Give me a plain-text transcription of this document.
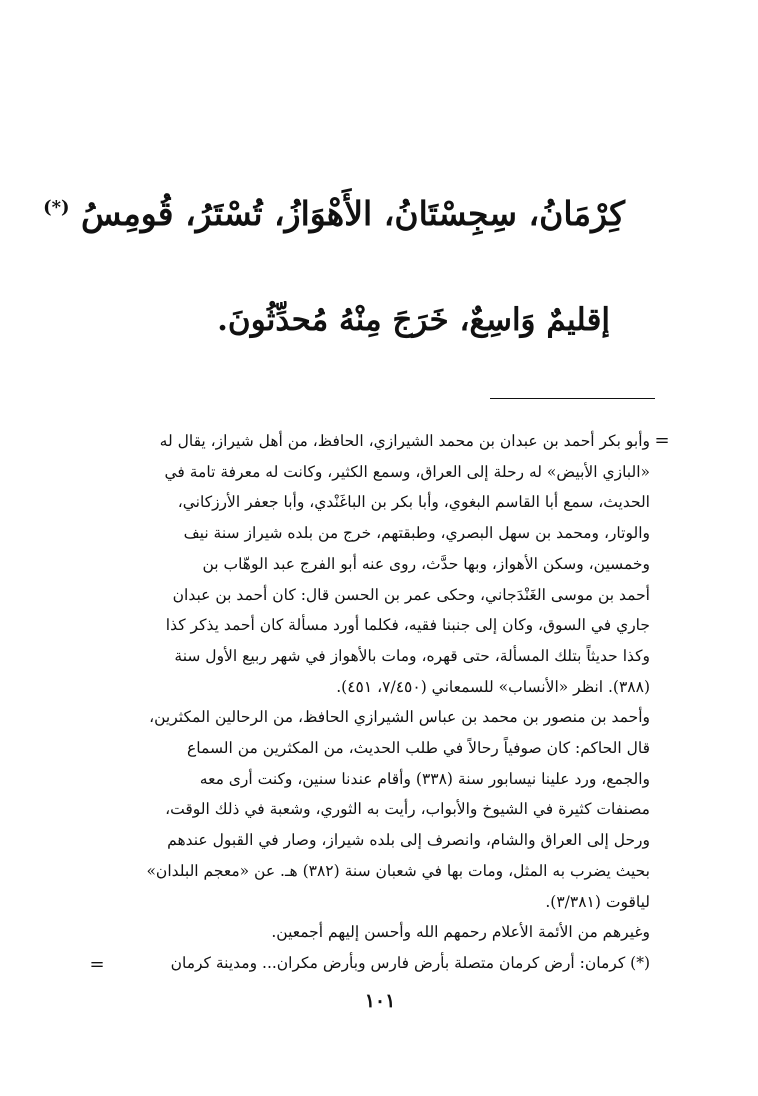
كِرْمَانُ، سِجِسْتَانُ، الأَهْوَازُ، تُسْتَرُ، قُومِسُ (*)
إقليمٌ وَاسِعٌ، خَرَجَ مِنْهُ مُحدِّثُونَ.
=

وأبو بكر أحمد بن عبدان بن محمد الشيرازي، الحافظ، من أهل شيراز، يقال له

«البازي الأبيض» له رحلة إلى العراق، وسمع الكثير، وكانت له معرفة تامة في

الحديث، سمع أبا القاسم البغوي، وأبا بكر بن الباغَنْدي، وأبا جعفر الأرزكاني،

والوتار، ومحمد بن سهل البصري، وطبقتهم، خرج من بلده شيراز سنة نيف

وخمسين، وسكن الأهواز، وبها حدَّث، روى عنه أبو الفرج عبد الوهّاب بن

أحمد بن موسى الغَنْدَجاني، وحكى عمر بن الحسن قال: كان أحمد بن عبدان

جاري في السوق، وكان إلى جنبنا فقيه، فكلما أورد مسألة كان أحمد يذكر كذا

وكذا حديثاً بتلك المسألة، حتى قهره، ومات بالأهواز في شهر ربيع الأول سنة

(٣٨٨). انظر «الأنساب» للسمعاني (٧/٤٥٠، ٤٥١).

وأحمد بن منصور بن محمد بن عباس الشيرازي الحافظ، من الرحالين المكثرين،

قال الحاكم: كان صوفياً رحالاً في طلب الحديث، من المكثرين من السماع

والجمع، ورد علينا نيسابور سنة (٣٣٨) وأقام عندنا سنين، وكنت أرى معه

مصنفات كثيرة في الشيوخ والأبواب، رأيت به الثوري، وشعبة في ذلك الوقت،

ورحل إلى العراق والشام، وانصرف إلى بلده شيراز، وصار في القبول عندهم

بحيث يضرب به المثل، ومات بها في شعبان سنة (٣٨٢) هـ. عن «معجم البلدان»

لياقوت (٣/٣٨١).

وغيرهم من الأئمة الأعلام رحمهم الله وأحسن إليهم أجمعين.

(*) كرمان: أرض كرمان متصلة بأرض فارس وبأرض مكران... ومدينة كرمان

=
١٠١
